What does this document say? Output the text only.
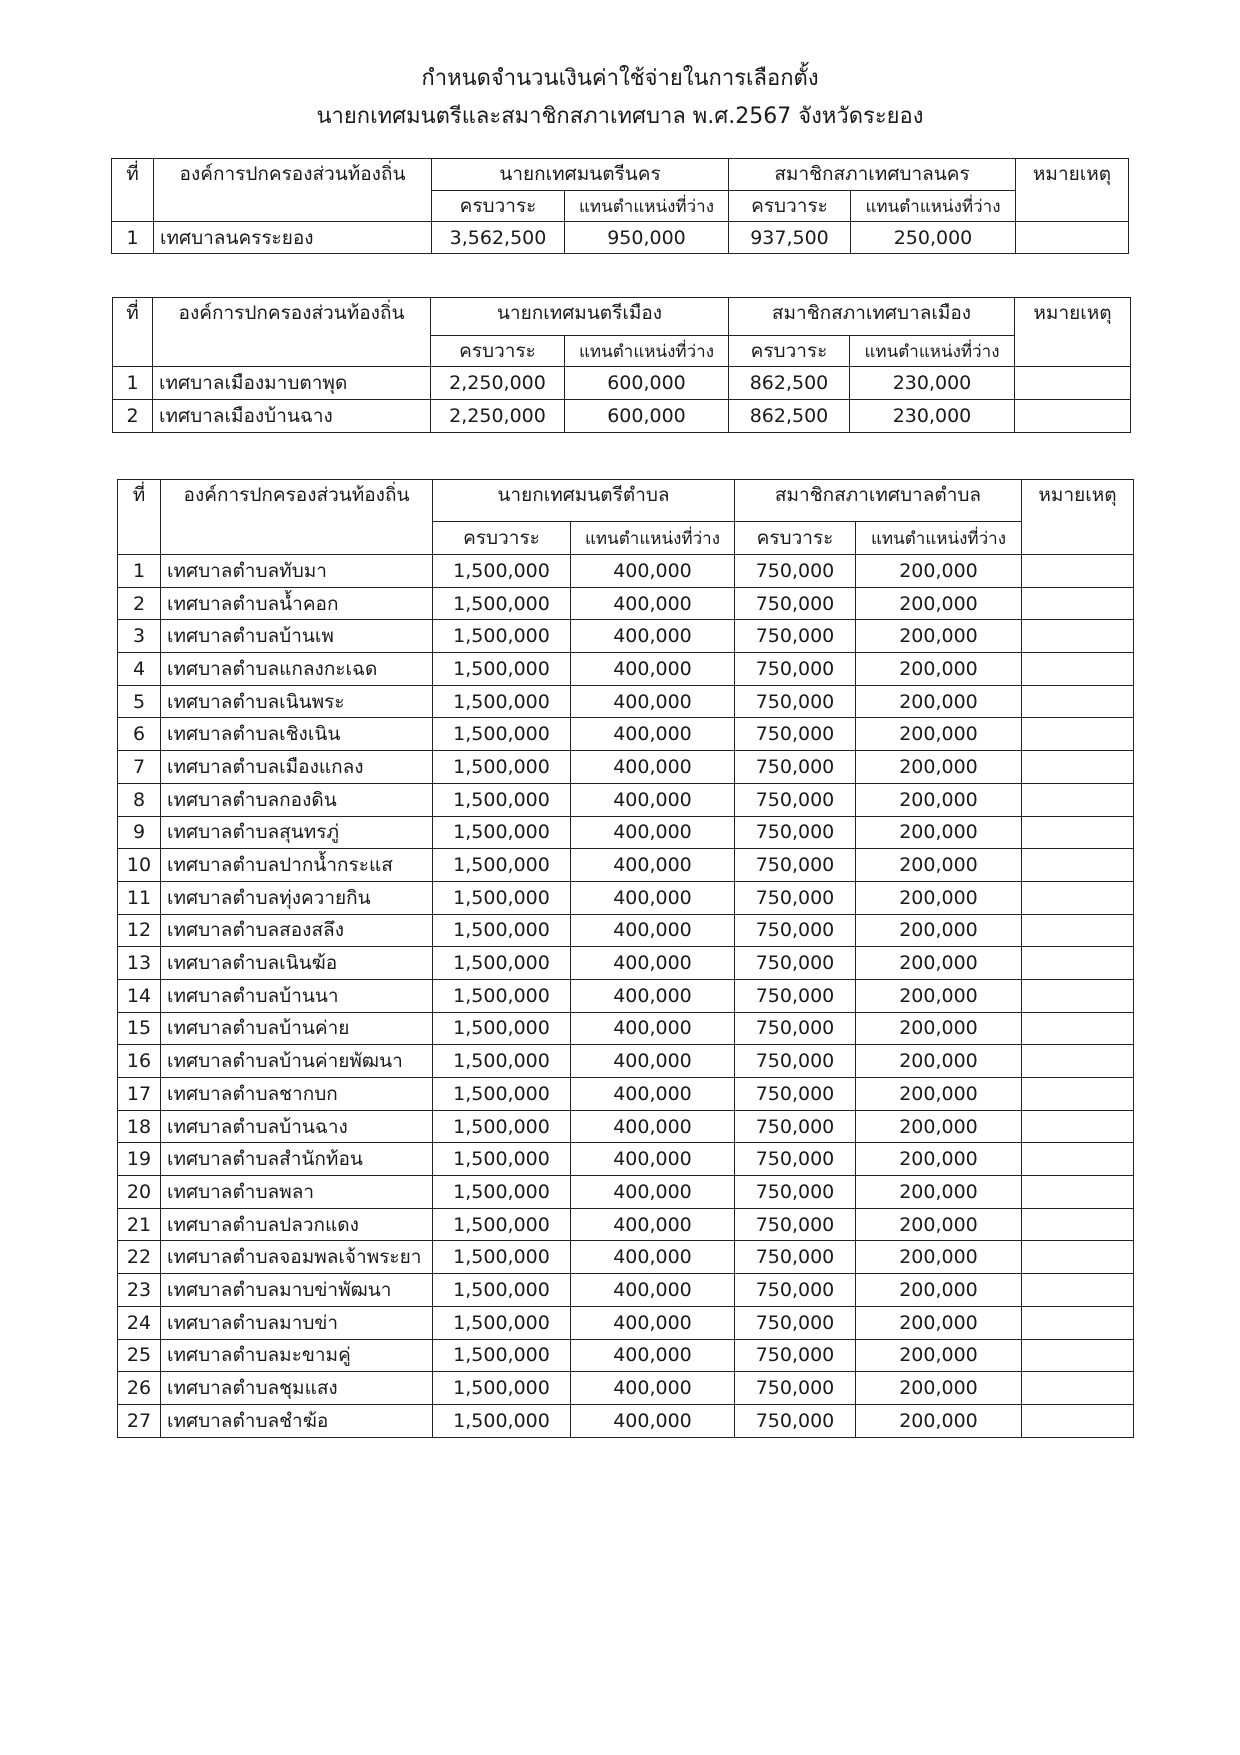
กำหนดจำนวนเงินค่าใช้จ่ายในการเลือกตั้ง
นายกเทศมนตรีและสมาชิกสภาเทศบาล พ.ศ.2567 จังหวัดระยอง
ที่	องค์การปกครองส่วนท้องถิ่น	นายกเทศมนตรีนคร		สมาชิกสภาเทศบาลนคร		หมายเหตุ
		ครบวาระ	แทนตำแหน่งที่ว่าง	ครบวาระ	แทนตำแหน่งที่ว่าง	
1	เทศบาลนครระยอง	3,562,500	950,000	937,500	250,000	
ที่	องค์การปกครองส่วนท้องถิ่น	นายกเทศมนตรีเมือง		สมาชิกสภาเทศบาลเมือง		หมายเหตุ
		ครบวาระ	แทนตำแหน่งที่ว่าง	ครบวาระ	แทนตำแหน่งที่ว่าง	
1	เทศบาลเมืองมาบตาพุด	2,250,000	600,000	862,500	230,000	
2	เทศบาลเมืองบ้านฉาง	2,250,000	600,000	862,500	230,000	
ที่	องค์การปกครองส่วนท้องถิ่น	นายกเทศมนตรีตำบล		สมาชิกสภาเทศบาลตำบล		หมายเหตุ
		ครบวาระ	แทนตำแหน่งที่ว่าง	ครบวาระ	แทนตำแหน่งที่ว่าง	
1	เทศบาลตำบลทับมา	1,500,000	400,000	750,000	200,000	
2	เทศบาลตำบลน้ำคอก	1,500,000	400,000	750,000	200,000	
3	เทศบาลตำบลบ้านเพ	1,500,000	400,000	750,000	200,000	
4	เทศบาลตำบลแกลงกะเฉด	1,500,000	400,000	750,000	200,000	
5	เทศบาลตำบลเนินพระ	1,500,000	400,000	750,000	200,000	
6	เทศบาลตำบลเชิงเนิน	1,500,000	400,000	750,000	200,000	
7	เทศบาลตำบลเมืองแกลง	1,500,000	400,000	750,000	200,000	
8	เทศบาลตำบลกองดิน	1,500,000	400,000	750,000	200,000	
9	เทศบาลตำบลสุนทรภู่	1,500,000	400,000	750,000	200,000	
10	เทศบาลตำบลปากน้ำกระแส	1,500,000	400,000	750,000	200,000	
11	เทศบาลตำบลทุ่งควายกิน	1,500,000	400,000	750,000	200,000	
12	เทศบาลตำบลสองสลึง	1,500,000	400,000	750,000	200,000	
13	เทศบาลตำบลเนินฆ้อ	1,500,000	400,000	750,000	200,000	
14	เทศบาลตำบลบ้านนา	1,500,000	400,000	750,000	200,000	
15	เทศบาลตำบลบ้านค่าย	1,500,000	400,000	750,000	200,000	
16	เทศบาลตำบลบ้านค่ายพัฒนา	1,500,000	400,000	750,000	200,000	
17	เทศบาลตำบลชากบก	1,500,000	400,000	750,000	200,000	
18	เทศบาลตำบลบ้านฉาง	1,500,000	400,000	750,000	200,000	
19	เทศบาลตำบลสำนักท้อน	1,500,000	400,000	750,000	200,000	
20	เทศบาลตำบลพลา	1,500,000	400,000	750,000	200,000	
21	เทศบาลตำบลปลวกแดง	1,500,000	400,000	750,000	200,000	
22	เทศบาลตำบลจอมพลเจ้าพระยา	1,500,000	400,000	750,000	200,000	
23	เทศบาลตำบลมาบข่าพัฒนา	1,500,000	400,000	750,000	200,000	
24	เทศบาลตำบลมาบข่า	1,500,000	400,000	750,000	200,000	
25	เทศบาลตำบลมะขามคู่	1,500,000	400,000	750,000	200,000	
26	เทศบาลตำบลชุมแสง	1,500,000	400,000	750,000	200,000	
27	เทศบาลตำบลชำฆ้อ	1,500,000	400,000	750,000	200,000	
